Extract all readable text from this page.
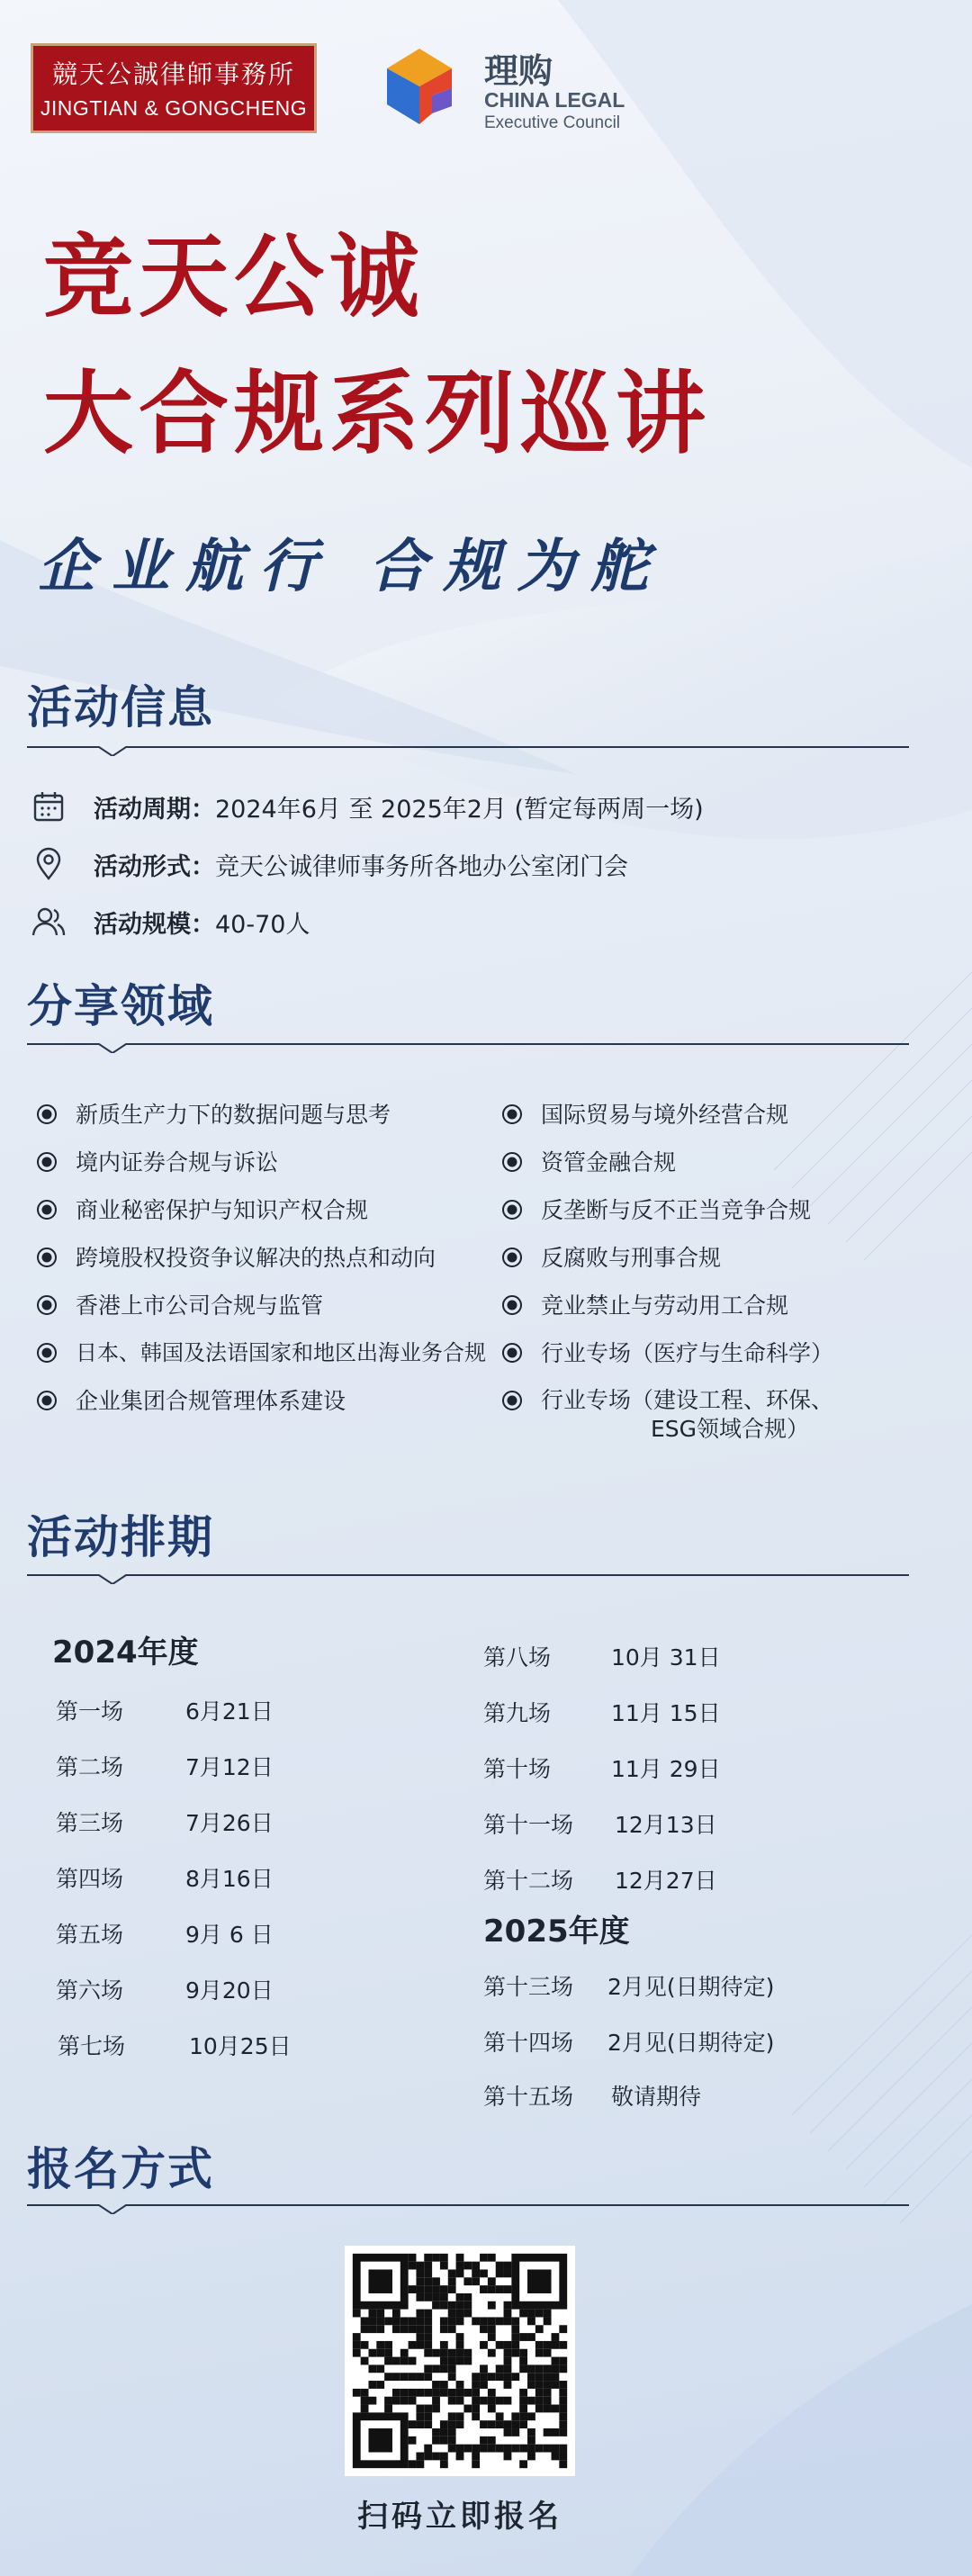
競天公誠律師事務所
JINGTIAN & GONGCHENG
理购
CHINA LEGAL
Executive Council
竞天公诚
大合规系列巡讲
企业航行 合规为舵
活动信息
活动周期： 2024年6月 至 2025年2月 (暂定每两周一场)
活动形式： 竞天公诚律师事务所各地办公室闭门会
活动规模： 40-70人
分享领域
新质生产力下的数据问题与思考
境内证券合规与诉讼
商业秘密保护与知识产权合规
跨境股权投资争议解决的热点和动向
香港上市公司合规与监管
日本、韩国及法语国家和地区出海业务合规
企业集团合规管理体系建设
国际贸易与境外经营合规
资管金融合规
反垄断与反不正当竞争合规
反腐败与刑事合规
竞业禁止与劳动用工合规
行业专场（医疗与生命科学）
行业专场（建设工程、环保、
ESG领域合规）
活动排期
2024年度
2025年度
第一场	6月21日
第二场	7月12日
第三场	7月26日
第四场	8月16日
第五场	9月 6 日
第六场	9月20日
第七场	10月25日
第八场	10月 31日
第九场	11月 15日
第十场	11月 29日
第十一场 12月13日
第十二场 12月27日
第十三场 2月见(日期待定)
第十四场 2月见(日期待定)
第十五场 敬请期待
报名方式
扫码立即报名
